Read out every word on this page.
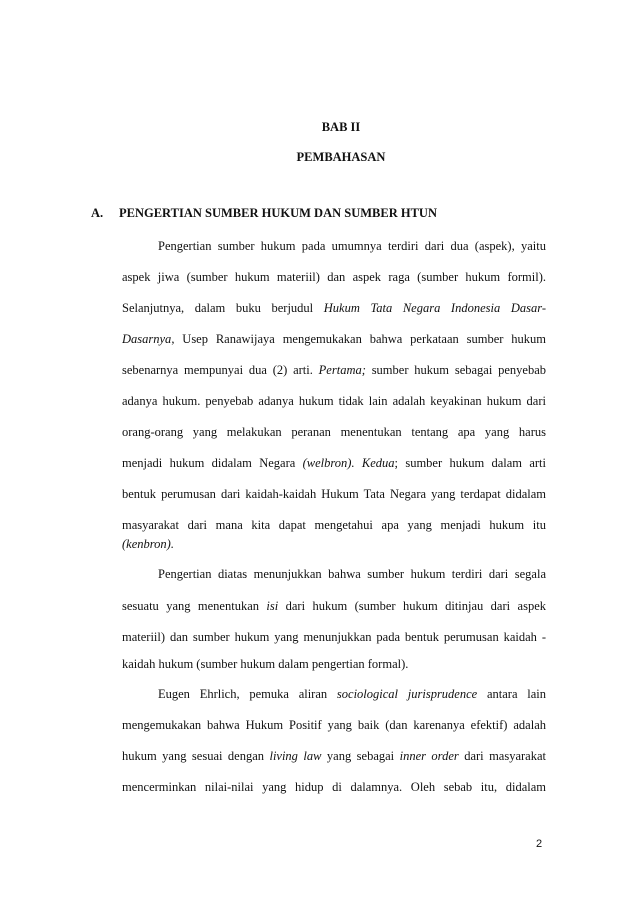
BAB II
PEMBAHASAN
A. PENGERTIAN SUMBER HUKUM DAN SUMBER HTUN
Pengertian sumber hukum pada umumnya terdiri dari dua (aspek), yaitu
aspek jiwa (sumber hukum materiil) dan aspek raga (sumber hukum formil).
Selanjutnya, dalam buku berjudul Hukum Tata Negara Indonesia Dasar-
Dasarnya, Usep Ranawijaya mengemukakan bahwa perkataan sumber hukum
sebenarnya mempunyai dua (2) arti. Pertama; sumber hukum sebagai penyebab
adanya hukum. penyebab adanya hukum tidak lain adalah keyakinan hukum dari
orang-orang yang melakukan peranan menentukan tentang apa yang harus
menjadi hukum didalam Negara (welbron). Kedua; sumber hukum dalam arti
bentuk perumusan dari kaidah-kaidah Hukum Tata Negara yang terdapat didalam
masyarakat dari mana kita dapat mengetahui apa yang menjadi hukum itu
(kenbron).
Pengertian diatas menunjukkan bahwa sumber hukum terdiri dari segala
sesuatu yang menentukan isi dari hukum (sumber hukum ditinjau dari aspek
materiil) dan sumber hukum yang menunjukkan pada bentuk perumusan kaidah -
kaidah hukum (sumber hukum dalam pengertian formal).
Eugen Ehrlich, pemuka aliran sociological jurisprudence antara lain
mengemukakan bahwa Hukum Positif yang baik (dan karenanya efektif) adalah
hukum yang sesuai dengan living law yang sebagai inner order dari masyarakat
mencerminkan nilai-nilai yang hidup di dalamnya. Oleh sebab itu, didalam
2
